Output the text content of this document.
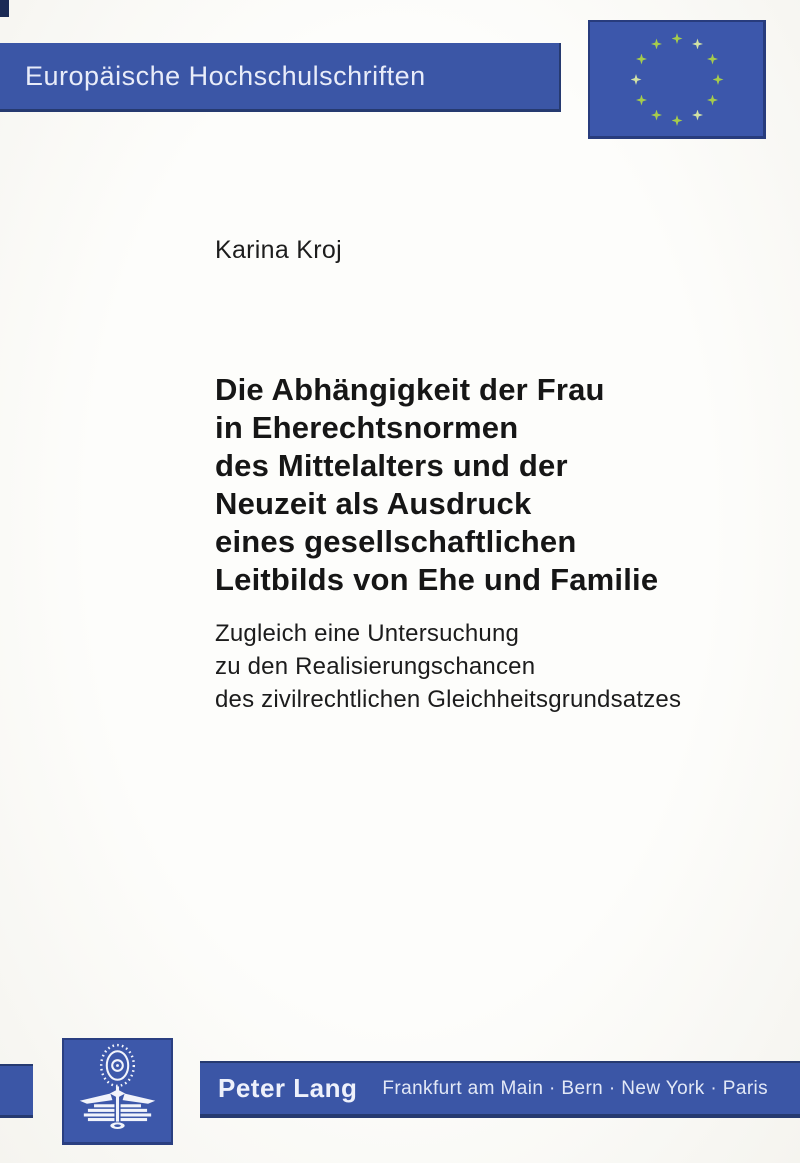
Europäische Hochschulschriften
Karina Kroj
Die Abhängigkeit der Frau
in Eherechtsnormen
des Mittelalters und der
Neuzeit als Ausdruck
eines gesellschaftlichen
Leitbilds von Ehe und Familie
Zugleich eine Untersuchung
zu den Realisierungschancen
des zivilrechtlichen Gleichheitsgrundsatzes
Peter Lang	Frankfurt am Main · Bern · New York · Paris
